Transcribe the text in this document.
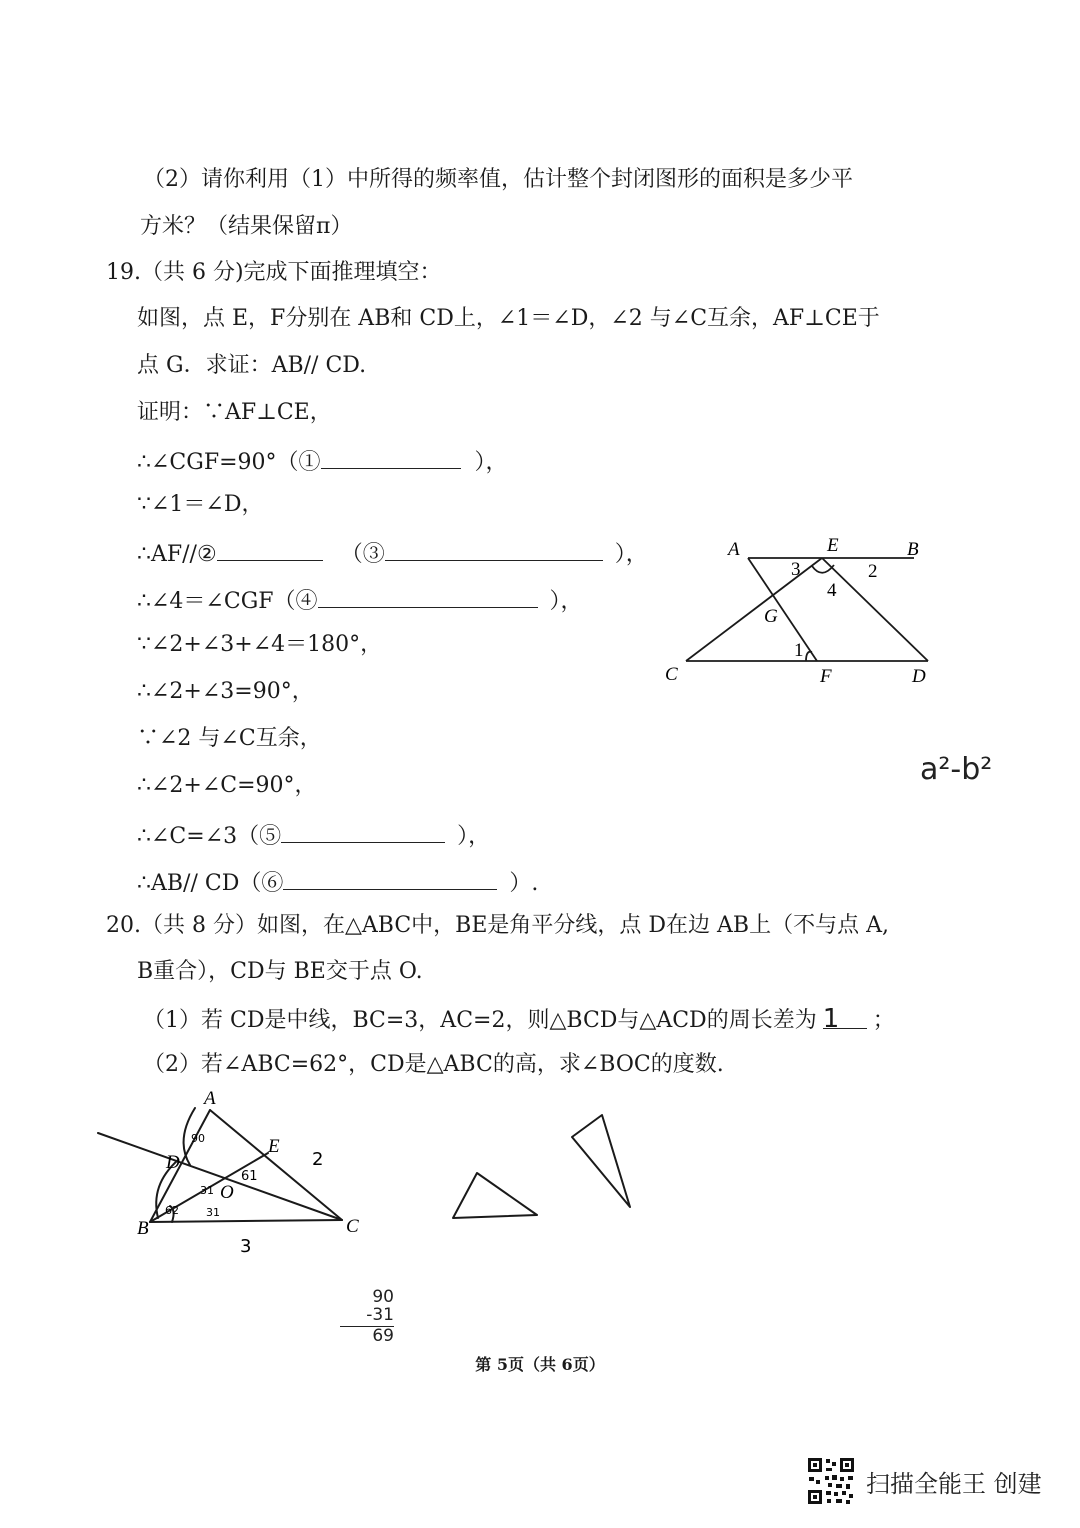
（2）请你利用（1）中所得的频率值，估计整个封闭图形的面积是多少平
方米？（结果保留π）
19.（共 6 分)完成下面推理填空：
如图，点 E，F分别在 AB和 CD上，∠1＝∠D，∠2 与∠C互余，AF⊥CE于
点 G．求证：AB// CD.
证明：∵AF⊥CE，
∴∠CGF=90°（①	），
∵∠1＝∠D，
∴AF//②	（③	），
∴∠4＝∠CGF（④	），
∵∠2+∠3+∠4＝180°，
∴∠2+∠3=90°，
∵∠2 与∠C互余，
∴∠2+∠C=90°，
∴∠C=∠3（⑤	），
∴AB// CD（⑥	）.
A	E	B
G
C	F	D
3	2
4
1
a²-b²
20.（共 8 分）如图，在△ABC中，BE是角平分线，点 D在边 AB上（不与点 A,
B重合），CD与 BE交于点 O.
（1）若 CD是中线，BC=3，AC=2，则△BCD与△ACD的周长差为 1 ；
（2）若∠ABC=62°，CD是△ABC的高，求∠BOC的度数.
A
D
E
O
B	C
2
3
90
61
31
31
62
90
-31
69
第 5页（共 6页）
扫描全能王 创建
